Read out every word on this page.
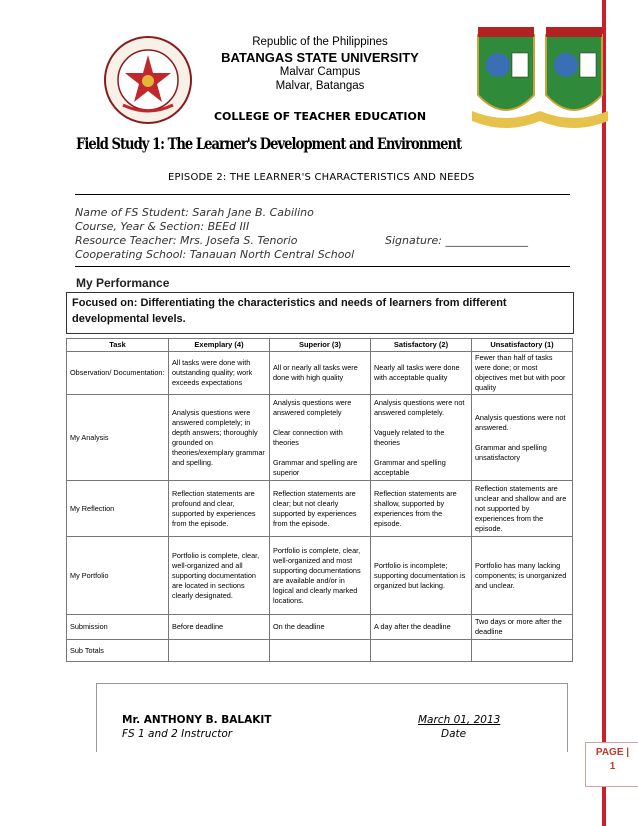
PAGE |
1
Republic of the Philippines
BATANGAS STATE UNIVERSITY
Malvar Campus
Malvar, Batangas
COLLEGE OF TEACHER EDUCATION
Field Study 1: The Learner's Development and Environment
EPISODE 2: THE LEARNER'S CHARACTERISTICS AND NEEDS
Name of FS Student: Sarah Jane B. Cabilino
Course, Year & Section: BEEd III
Resource Teacher: Mrs. Josefa S. Tenorio	Signature: _______________
Cooperating School: Tanauan North Central School
My Performance
Focused on: Differentiating the characteristics and needs of learners from different developmental levels.
Task	Exemplary (4)	Superior (3)	Satisfactory (2)	Unsatisfactory (1)
Observation/ Documentation:	All tasks were done with outstanding quality; work exceeds expectations	All or nearly all tasks were done with high quality	Nearly all tasks were done with acceptable quality	Fewer than half of tasks were done; or most objectives met but with poor quality
My Analysis	Analysis questions were answered completely; in depth answers; thoroughly grounded on theories/exemplary grammar and spelling.	Analysis questions were answered completely

Clear connection with theories

Grammar and spelling are superior	Analysis questions were not answered completely.

Vaguely related to the theories

Grammar and spelling acceptable	Analysis questions were not answered.

Grammar and spelling unsatisfactory
My Reflection	Reflection statements are profound and clear, supported by experiences from the episode.	Reflection statements are clear; but not clearly supported by experiences from the episode.	Reflection statements are shallow, supported by experiences from the episode.	Reflection statements are unclear and shallow and are not supported by experiences from the episode.
My Portfolio	Portfolio is complete, clear, well-organized and all supporting documentation are located in sections clearly designated.	Portfolio is complete, clear, well-organized and most supporting documentations are available and/or in logical and clearly marked locations.	Portfolio is incomplete; supporting documentation is organized but lacking.	Portfolio has many lacking components; is unorganized and unclear.
Submission	Before deadline	On the deadline	A day after the deadline	Two days or more after the deadline
Sub Totals				
Mr. ANTHONY B. BALAKIT
FS 1 and 2 Instructor
March 01, 2013
Date
